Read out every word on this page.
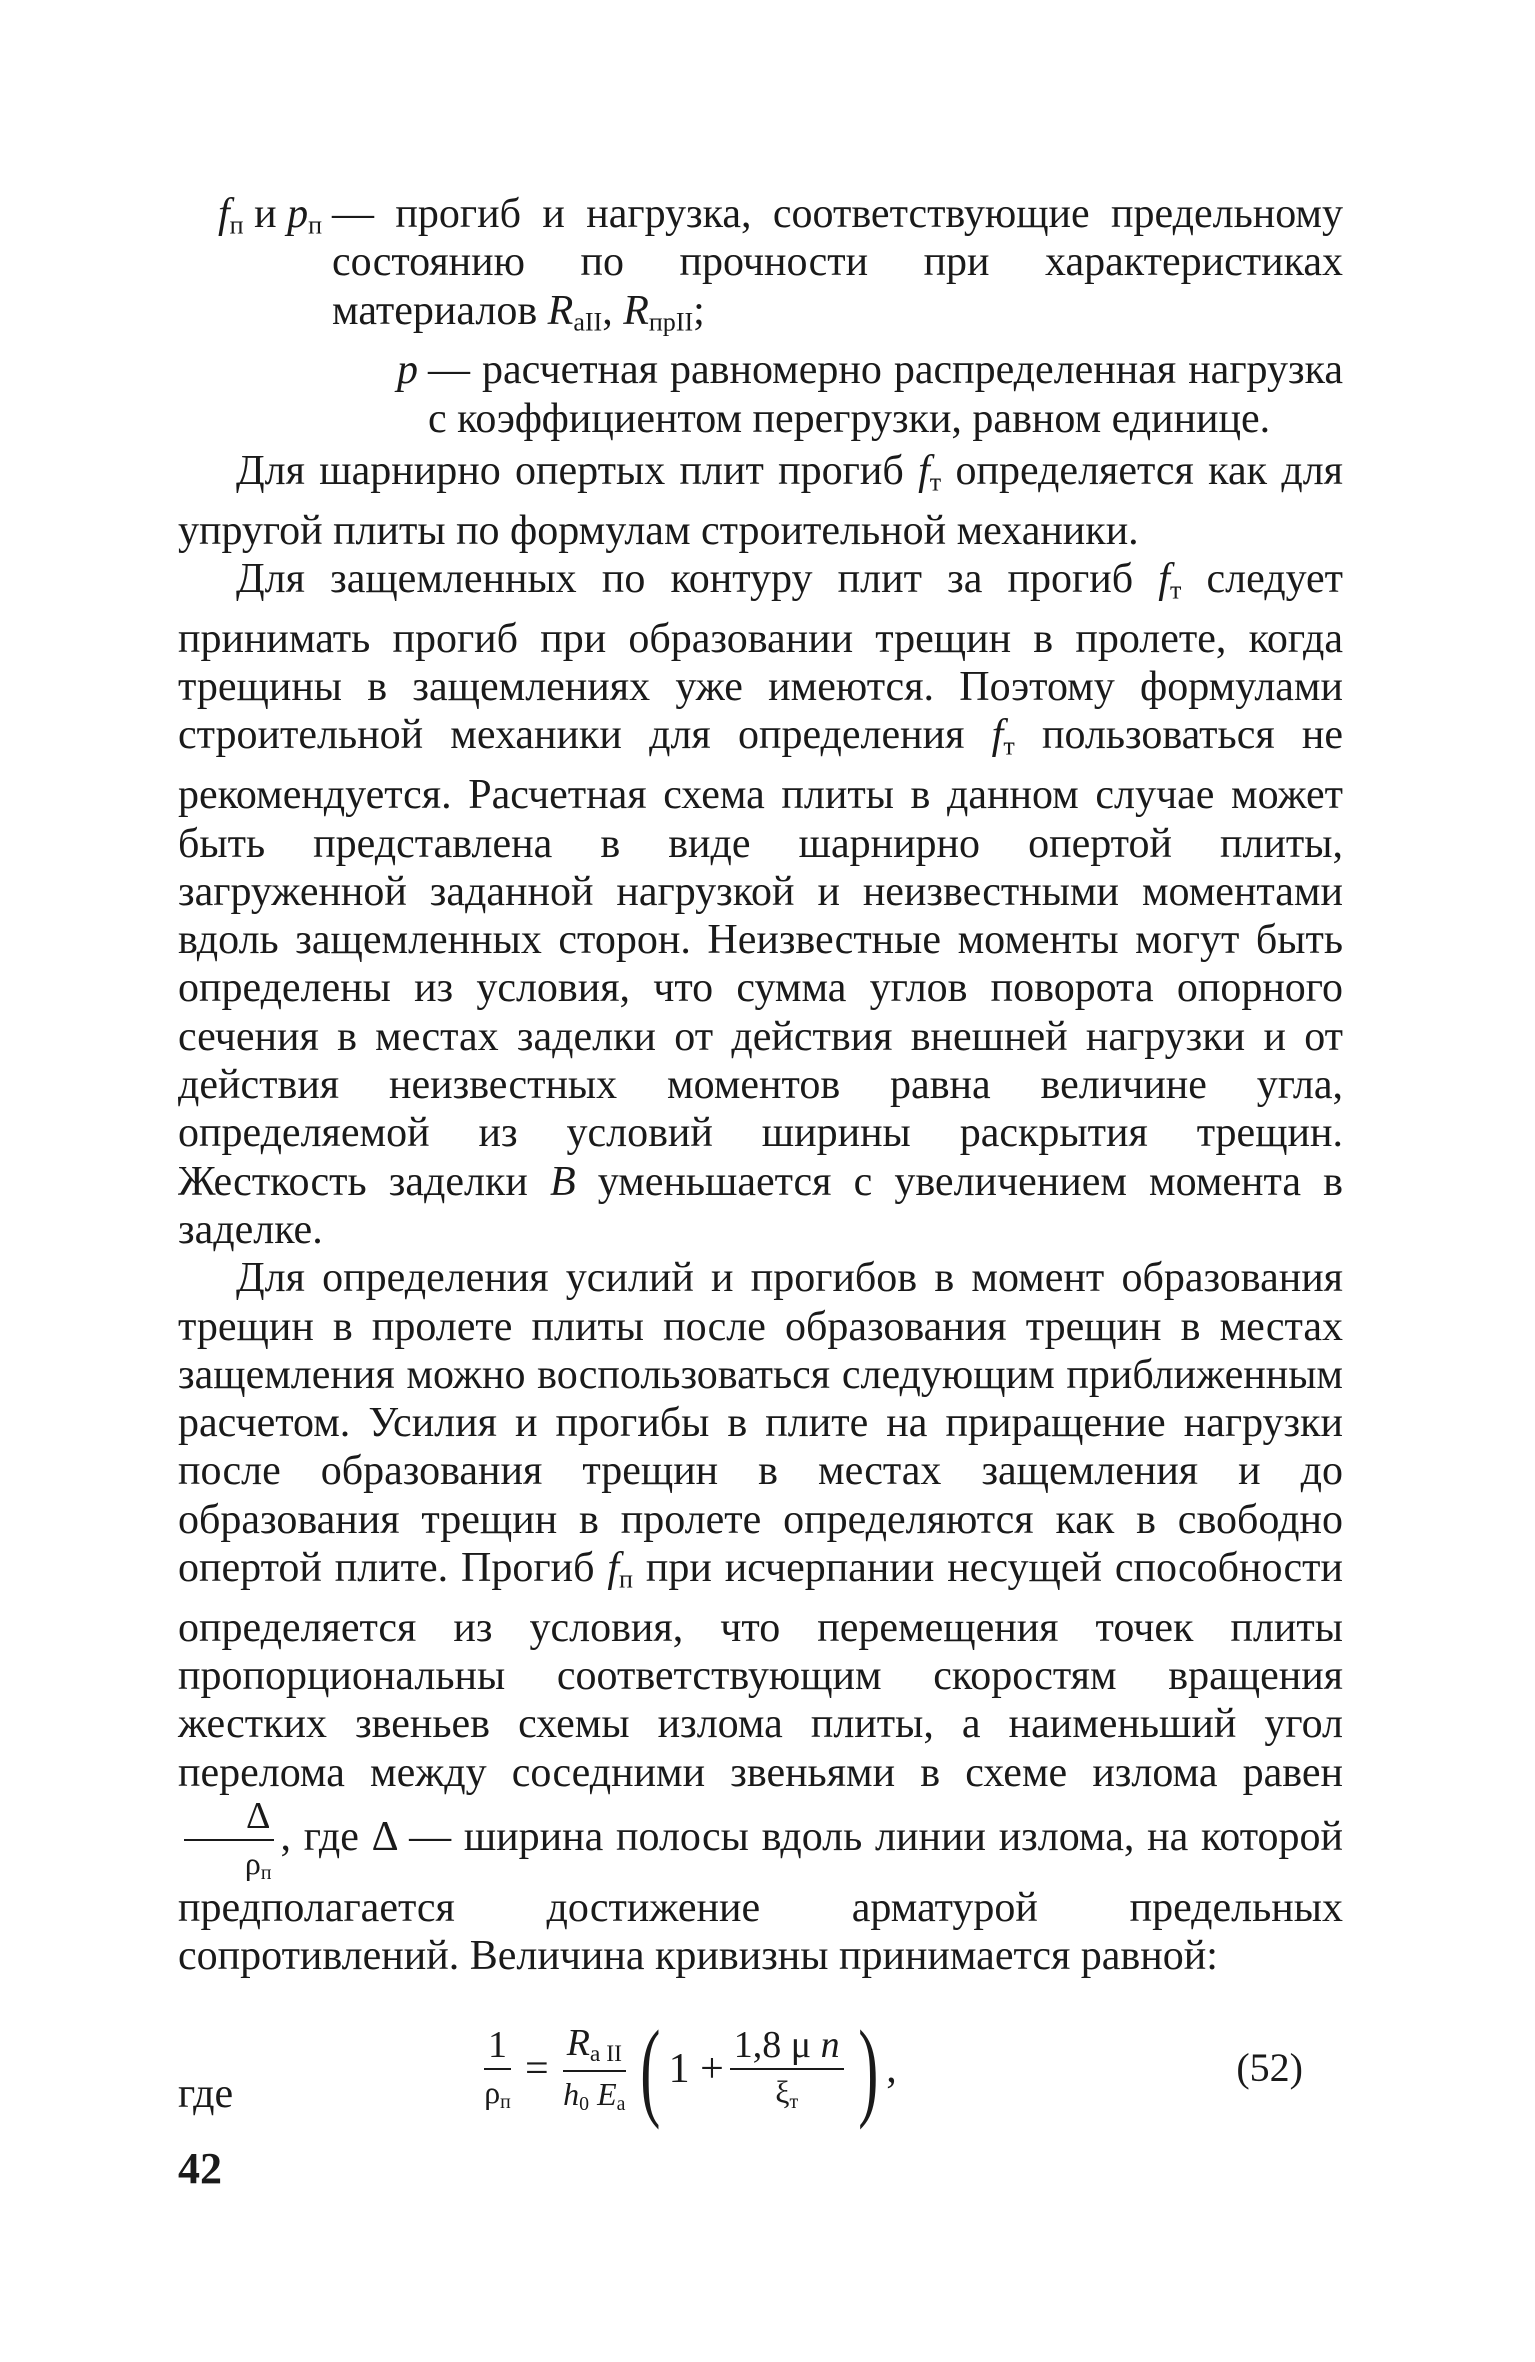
$f_п$ и $p_п$ — прогиб и нагрузка, соответствующие предельному состоянию по прочности при характеристиках материалов $R_{аII}$, $R_{прII}$;
p — расчетная равномерно распределенная нагрузка с коэффициентом перегрузки, равном единице.

Для шарнирно опертых плит прогиб $f_т$ определяется как для упругой плиты по формулам строительной механики.

Для защемленных по контуру плит за прогиб $f_т$ следует принимать прогиб при образовании трещин в пролете, когда трещины в защемлениях уже имеются. Поэтому формулами строительной механики для определения $f_т$ пользоваться не рекомендуется. Расчетная схема плиты в данном случае может быть представлена в виде шарнирно опертой плиты, загруженной заданной нагрузкой и неизвестными моментами вдоль защемленных сторон. Неизвестные моменты могут быть определены из условия, что сумма углов поворота опорного сечения в местах заделки от действия внешней нагрузки и от действия неизвестных моментов равна величине угла, определяемой из условий ширины раскрытия трещин. Жесткость заделки B уменьшается с увеличением момента в заделке.

Для определения усилий и прогибов в момент образования трещин в пролете плиты после образования трещин в местах защемления можно воспользоваться следующим приближенным расчетом. Усилия и прогибы в плите на приращение нагрузки после образования трещин в местах защемления и до образования трещин в пролете определяются как в свободно опертой плите. Прогиб $f_п$ при исчерпании несущей способности определяется из условия, что перемещения точек плиты пропорциональны соответствующим скоростям вращения жестких звеньев схемы излома плиты, а наименьший угол перелома между соседними звеньями в схеме излома равен
$\frac{\Delta}{\rho_п}$ , где Δ — ширина полосы вдоль линии излома, на которой предполагается достижение арматурой предельных сопротивлений. Величина кривизны принимается равной:

$\frac{1}{\rho_п} = \frac{R_{а II}}{h_0 E_а}$ ( $1 + \frac{\text{1,8 μ n}}{\xi_т}$ ) ,	(52)
где
42
